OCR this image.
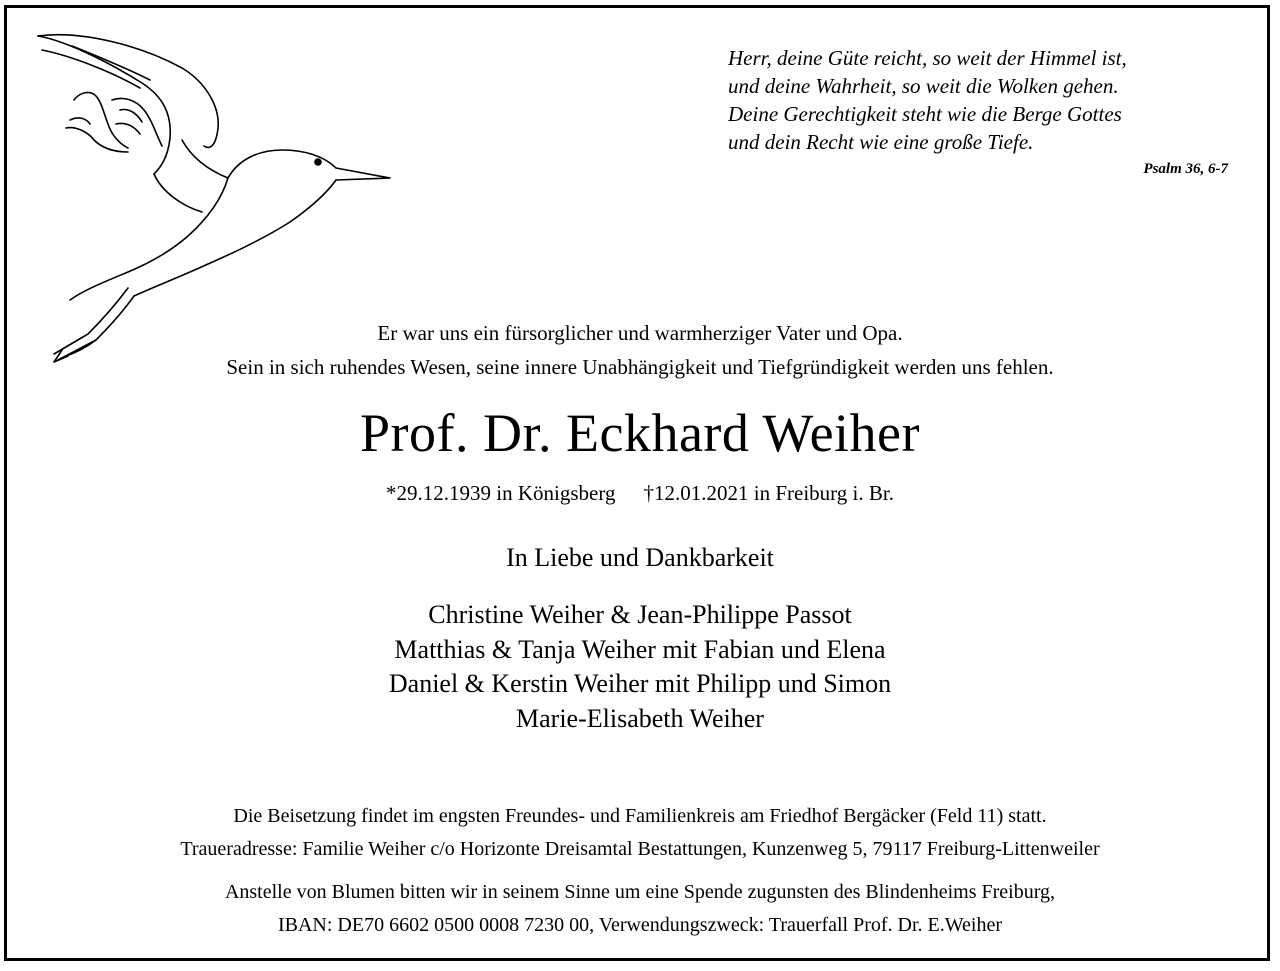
Herr, deine Güte reicht, so weit der Himmel ist,
und deine Wahrheit, so weit die Wolken gehen.
Deine Gerechtigkeit steht wie die Berge Gottes
und dein Recht wie eine große Tiefe.
Psalm 36, 6-7
Er war uns ein fürsorglicher und warmherziger Vater und Opa.
Sein in sich ruhendes Wesen, seine innere Unabhängigkeit und Tiefgründigkeit werden uns fehlen.
Prof. Dr. Eckhard Weiher
*29.12.1939 in Königsberg †12.01.2021 in Freiburg i. Br.
In Liebe und Dankbarkeit
Christine Weiher & Jean-Philippe Passot
Matthias & Tanja Weiher mit Fabian und Elena
Daniel & Kerstin Weiher mit Philipp und Simon
Marie-Elisabeth Weiher
Die Beisetzung findet im engsten Freundes- und Familienkreis am Friedhof Bergäcker (Feld 11) statt.
Traueradresse: Familie Weiher c/o Horizonte Dreisamtal Bestattungen, Kunzenweg 5, 79117 Freiburg-Littenweiler
Anstelle von Blumen bitten wir in seinem Sinne um eine Spende zugunsten des Blindenheims Freiburg,
IBAN: DE70 6602 0500 0008 7230 00, Verwendungszweck: Trauerfall Prof. Dr. E.Weiher
